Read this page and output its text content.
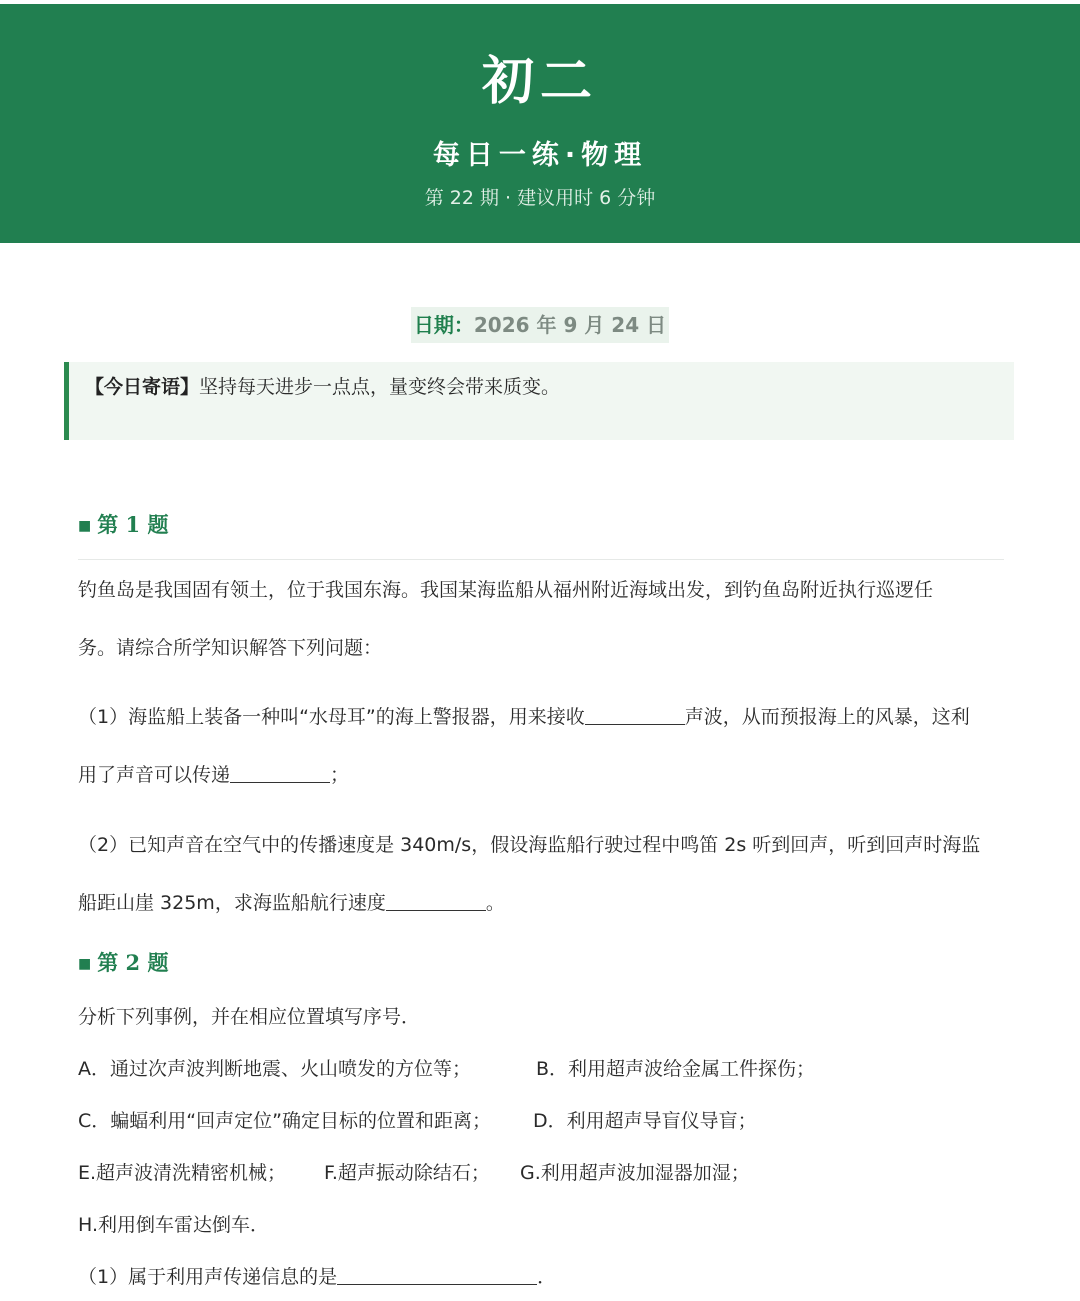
初二
每日一练·物理
第 22 期 · 建议用时 6 分钟
日期：2026 年 9 月 24 日
【今日寄语】坚持每天进步一点点，量变终会带来质变。
■ 第 1 题
钓鱼岛是我国固有领土，位于我国东海。我国某海监船从福州附近海域出发，到钓鱼岛附近执行巡逻任
务。请综合所学知识解答下列问题：
（1）海监船上装备一种叫“水母耳”的海上警报器，用来接收	声波，从而预报海上的风暴，这利
用了声音可以传递	；
（2）已知声音在空气中的传播速度是 340m/s，假设海监船行驶过程中鸣笛 2s 听到回声，听到回声时海监
船距山崖 325m，求海监船航行速度	。
■ 第 2 题
分析下列事例，并在相应位置填写序号．
A．通过次声波判断地震、火山喷发的方位等；	B．利用超声波给金属工件探伤；
C．蝙蝠利用“回声定位”确定目标的位置和距离； D．利用超声导盲仪导盲；
E.超声波清洗精密机械； F.超声振动除结石； G.利用超声波加湿器加湿；
H.利用倒车雷达倒车．
（1）属于利用声传递信息的是	．
